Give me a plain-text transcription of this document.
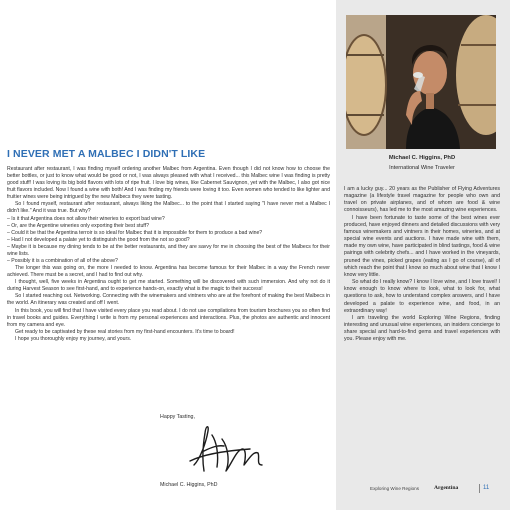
I NEVER MET A MALBEC I DIDN'T LIKE

Restaurant after restaurant, I was finding myself ordering another Malbec from Argentina. Even though I did not know how to choose the better bottles, or just to know what would be good or not, I was always pleased with what I received... this Malbec wine I was finding is pretty good stuff! I was loving its big bold flavors with lots of ripe fruit. I love big wines, like Cabernet Sauvignon, yet with the Malbec, I also got nice fruit flavors included. Now I found a wine with both! And I was finding my friends were loving it too. Even women who tended to like lighter and fruitier wines were being intrigued by the new Malbecs they were tasting.

So I found myself, restaurant after restaurant, always liking the Malbec... to the point that I started saying "I have never met a Malbec I didn't like." And it was true. But why?

– Is it that Argentina does not allow their wineries to export bad wine?

– Or, are the Argentine wineries only exporting their best stuff?

– Could it be that the Argentina terroir is so ideal for Malbec that it is impossible for them to produce a bad wine?

– Had I not developed a palate yet to distinguish the good from the not so good?

– Maybe it is because my dining tends to be at the better restaurants, and they are savvy for me in choosing the best of the Malbecs for their wine lists.

– Possibly it is a combination of all of the above?

The longer this was going on, the more I needed to know. Argentina has become famous for their Malbec in a way the French never achieved. There must be a secret, and I had to find out why.

I thought, well, five weeks in Argentina ought to get me started. Something will be discovered with such immersion. And why not do it during Harvest Season to see first-hand, and to experience hands-on, exactly what is the magic to their success!

So I started reaching out. Networking. Connecting with the winemakers and vintners who are at the forefront of making the best Malbecs in the world. An itinerary was created and off I went.

In this book, you will find that I have visited every place you read about. I do not use compilations from tourism brochures you so often find in travel books and guides. Everything I write is from my personal experiences and interactions. Plus, the photos are authentic and innocent from my camera and eye.

Get ready to be captivated by these real stories from my first-hand encounters. It's time to board!

I hope you thoroughly enjoy my journey, and yours.

Happy Tasting,
Michael C. Higgins, PhD
Michael C. Higgins, PhD
International Wine Traveler

I am a lucky guy... 20 years as the Publisher of Flying Adventures magazine (a lifestyle travel magazine for people who own and travel on private airplanes, and of whom are food & wine connoisseurs), has led me to the most amazing wine experiences.

I have been fortunate to taste some of the best wines ever produced, have enjoyed dinners and detailed discussions with very famous winemakers and vintners in their homes, wineries, and at special wine events and auctions. I have made wine with them, made my own wine, have participated in blind tastings, food & wine pairings with celebrity chefs... and I have worked in the vineyards, pruned the vines, picked grapes (eating as I go of course), all of which reach the point that I know so much about wine that I know I know very little.

So what do I really know? I know I love wine, and I love travel! I know enough to know where to look, what to look for, what questions to ask, how to understand complex answers, and I have developed a palate to experience wine, and food, in an extraordinary way!

I am traveling the world Exploring Wine Regions, finding interesting and unusual wine experiences, an insiders concierge to share special and hard-to-find gems and travel experiences with you. Please enjoy with me.

Exploring Wine Regions	Argentina	11
